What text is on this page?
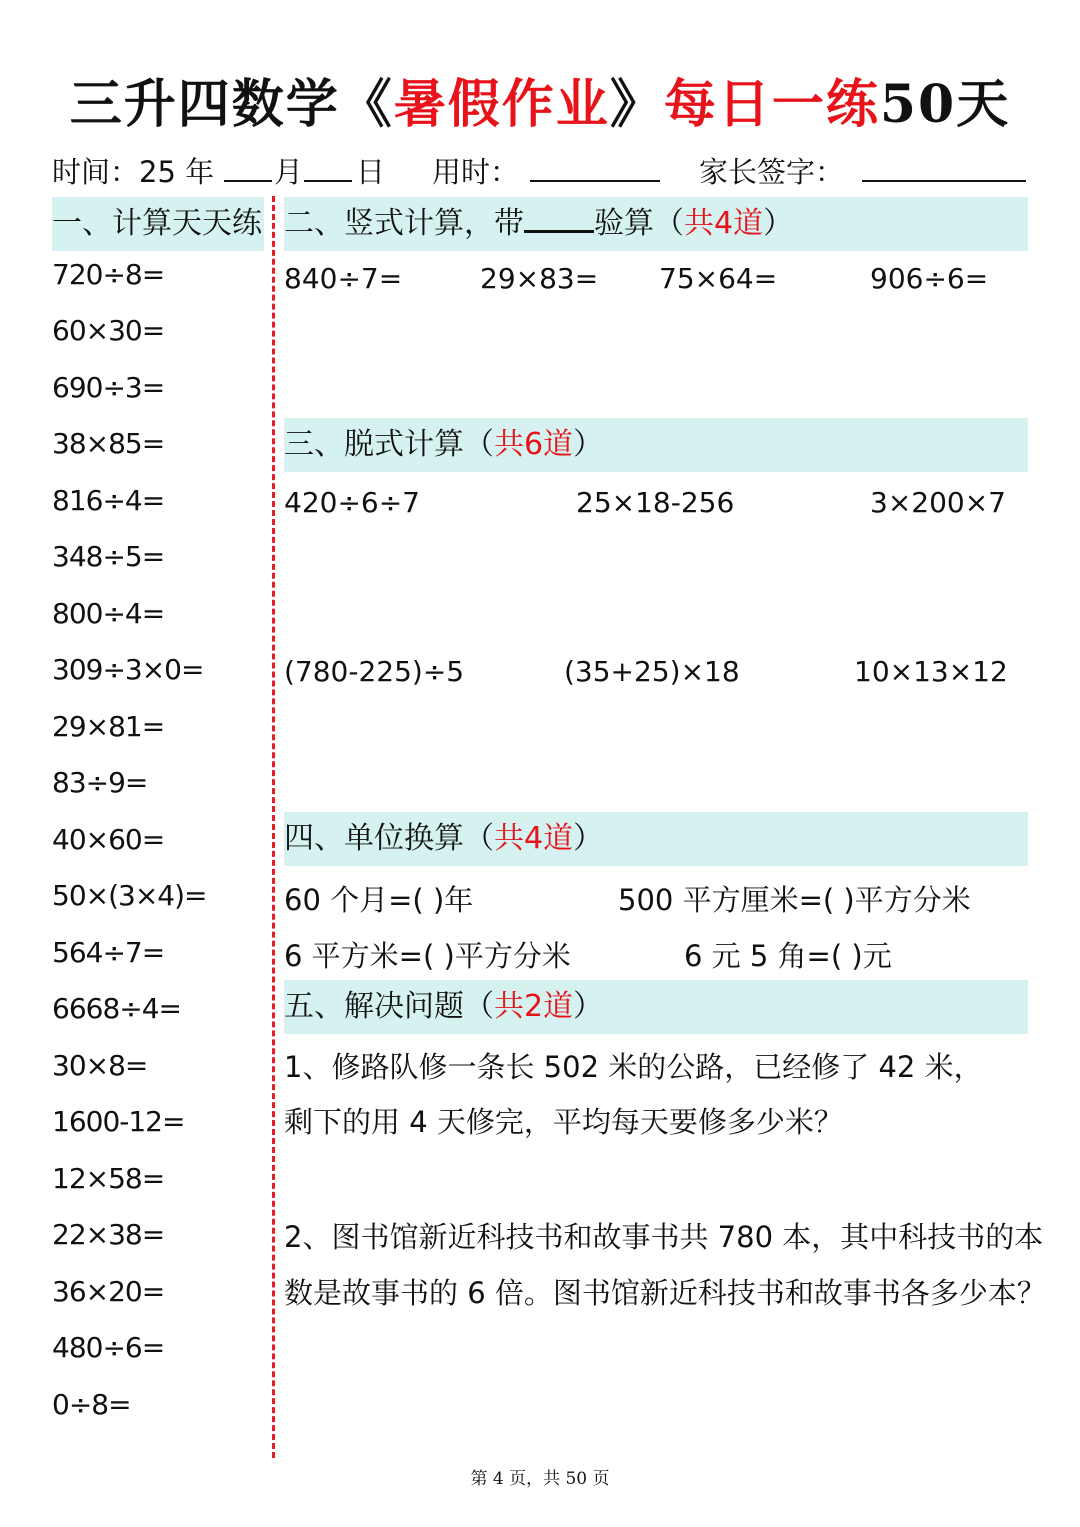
三升四数学《暑假作业》每日一练50天
时间：25 年 月 日 用时：	家长签字：
一、计算天天练
720÷8=
60×30=
690÷3=
38×85=
816÷4=
348÷5=
800÷4=
309÷3×0=
29×81=
83÷9=
40×60=
50×(3×4)=
564÷7=
6668÷4=
30×8=
1600-12=
12×58=
22×38=
36×20=
480÷6=
0÷8=
二、竖式计算，带 验算（共4道）
840÷7=	29×83= 75×64=	906÷6=
三、脱式计算（共6道）
420÷6÷7	25×18-256	3×200×7
(780-225)÷5	(35+25)×18	10×13×12
四、单位换算（共4道）
60 个月=( )年	500 平方厘米=( )平方分米
6 平方米=( )平方分米	6 元 5 角=( )元
五、解决问题（共2道）
1、修路队修一条长 502 米的公路，已经修了 42 米，
剩下的用 4 天修完，平均每天要修多少米？
2、图书馆新近科技书和故事书共 780 本，其中科技书的本
数是故事书的 6 倍。图书馆新近科技书和故事书各多少本？
第 4 页，共 50 页
